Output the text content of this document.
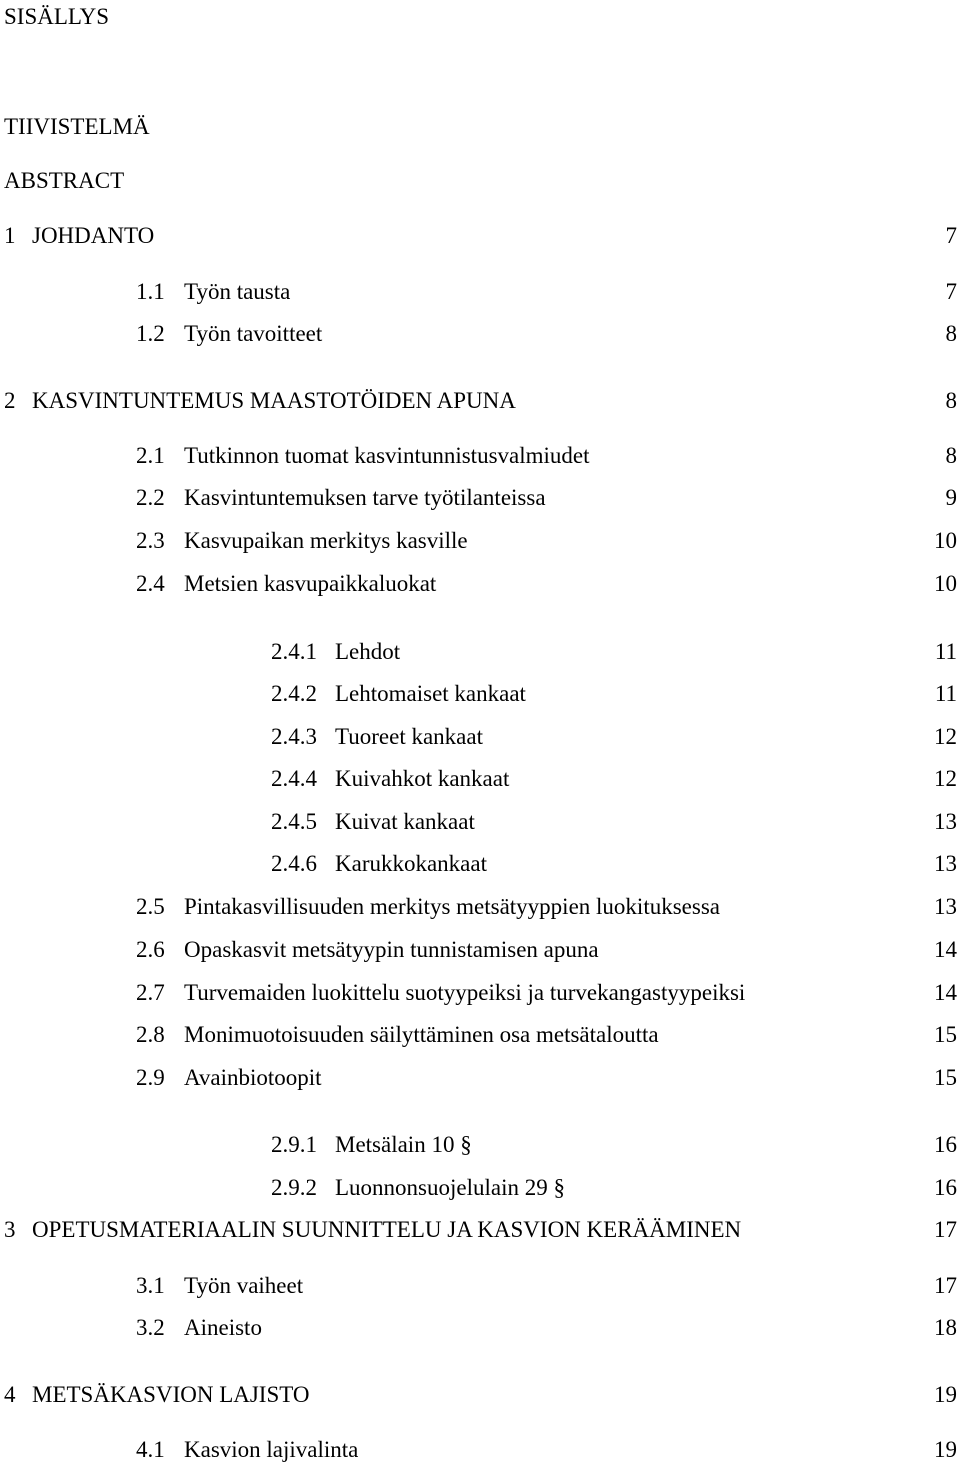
SISÄLLYS
TIIVISTELMÄ
ABSTRACT
1 JOHDANTO	7
1.1 Työn tausta	7
1.2 Työn tavoitteet	8
2 KASVINTUNTEMUS MAASTOTÖIDEN APUNA	8
2.1 Tutkinnon tuomat kasvintunnistusvalmiudet	8
2.2 Kasvintuntemuksen tarve työtilanteissa	9
2.3 Kasvupaikan merkitys kasville	10
2.4 Metsien kasvupaikkaluokat	10
2.4.1 Lehdot	11
2.4.2 Lehtomaiset kankaat	11
2.4.3 Tuoreet kankaat	12
2.4.4 Kuivahkot kankaat	12
2.4.5 Kuivat kankaat	13
2.4.6 Karukkokankaat	13
2.5 Pintakasvillisuuden merkitys metsätyyppien luokituksessa	13
2.6 Opaskasvit metsätyypin tunnistamisen apuna	14
2.7 Turvemaiden luokittelu suotyypeiksi ja turvekangastyypeiksi	14
2.8 Monimuotoisuuden säilyttäminen osa metsätaloutta	15
2.9 Avainbiotoopit	15
2.9.1 Metsälain 10 §	16
2.9.2 Luonnonsuojelulain 29 §	16
3 OPETUSMATERIAALIN SUUNNITTELU JA KASVION KERÄÄMINEN	17
3.1 Työn vaiheet	17
3.2 Aineisto	18
4 METSÄKASVION LAJISTO	19
4.1 Kasvion lajivalinta	19
